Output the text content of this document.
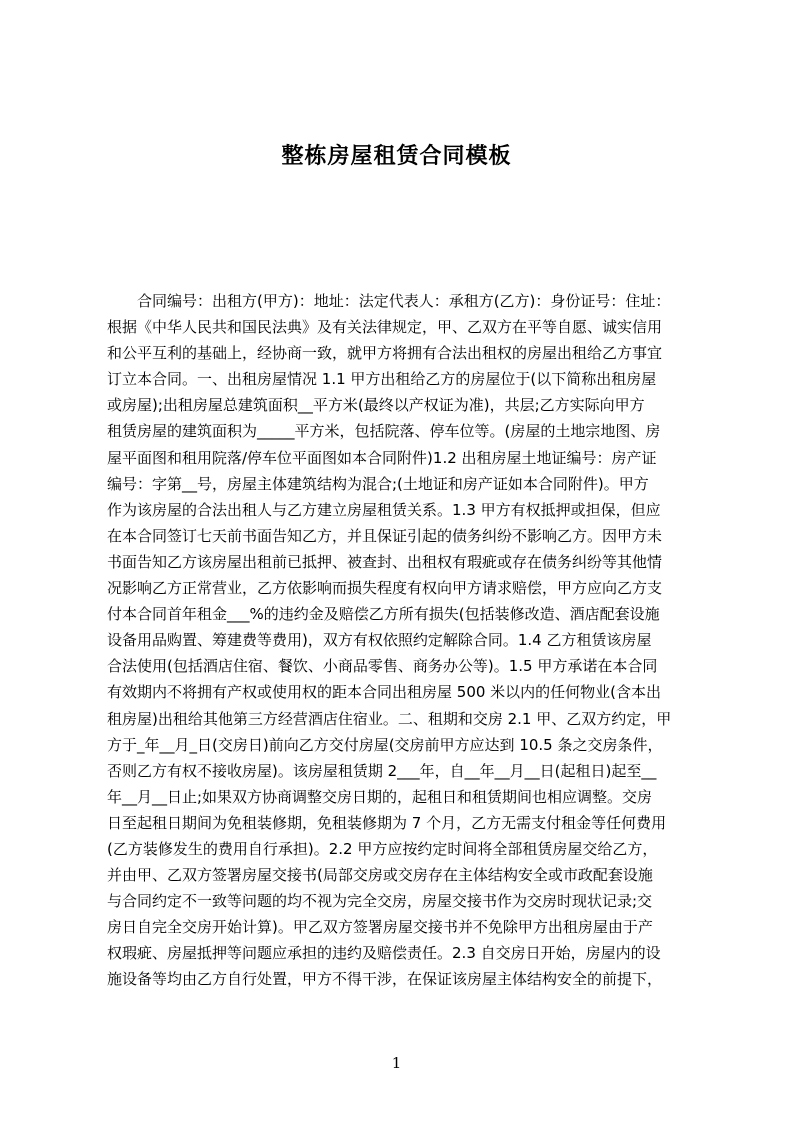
整栋房屋租赁合同模板
　　合同编号：出租方(甲方)：地址：法定代表人：承租方(乙方)：身份证号：住址：
根据《中华人民共和国民法典》及有关法律规定，甲、乙双方在平等自愿、诚实信用
和公平互利的基础上，经协商一致，就甲方将拥有合法出租权的房屋出租给乙方事宜
订立本合同。一、出租房屋情况 1.1 甲方出租给乙方的房屋位于(以下简称出租房屋
或房屋);出租房屋总建筑面积__平方米(最终以产权证为准)，共层;乙方实际向甲方
租赁房屋的建筑面积为_____平方米，包括院落、停车位等。(房屋的土地宗地图、房
屋平面图和租用院落/停车位平面图如本合同附件)1.2 出租房屋土地证编号：房产证
编号：字第__号，房屋主体建筑结构为混合;(土地证和房产证如本合同附件)。甲方
作为该房屋的合法出租人与乙方建立房屋租赁关系。1.3 甲方有权抵押或担保，但应
在本合同签订七天前书面告知乙方，并且保证引起的债务纠纷不影响乙方。因甲方未
书面告知乙方该房屋出租前已抵押、被查封、出租权有瑕疵或存在债务纠纷等其他情
况影响乙方正常营业，乙方依影响而损失程度有权向甲方请求赔偿，甲方应向乙方支
付本合同首年租金___%的违约金及赔偿乙方所有损失(包括装修改造、酒店配套设施
设备用品购置、筹建费等费用)，双方有权依照约定解除合同。1.4 乙方租赁该房屋
合法使用(包括酒店住宿、餐饮、小商品零售、商务办公等)。1.5 甲方承诺在本合同
有效期内不将拥有产权或使用权的距本合同出租房屋 500 米以内的任何物业(含本出
租房屋)出租给其他第三方经营酒店住宿业。二、租期和交房 2.1 甲、乙双方约定，甲
方于_年__月_日(交房日)前向乙方交付房屋(交房前甲方应达到 10.5 条之交房条件，
否则乙方有权不接收房屋)。该房屋租赁期 2___年，自__年__月__日(起租日)起至__
年__月__日止;如果双方协商调整交房日期的，起租日和租赁期间也相应调整。交房
日至起租日期间为免租装修期，免租装修期为 7 个月，乙方无需支付租金等任何费用
(乙方装修发生的费用自行承担)。2.2 甲方应按约定时间将全部租赁房屋交给乙方，
并由甲、乙双方签署房屋交接书(局部交房或交房存在主体结构安全或市政配套设施
与合同约定不一致等问题的均不视为完全交房，房屋交接书作为交房时现状记录;交
房日自完全交房开始计算)。甲乙双方签署房屋交接书并不免除甲方出租房屋由于产
权瑕疵、房屋抵押等问题应承担的违约及赔偿责任。2.3 自交房日开始，房屋内的设
施设备等均由乙方自行处置，甲方不得干涉，在保证该房屋主体结构安全的前提下，
1
